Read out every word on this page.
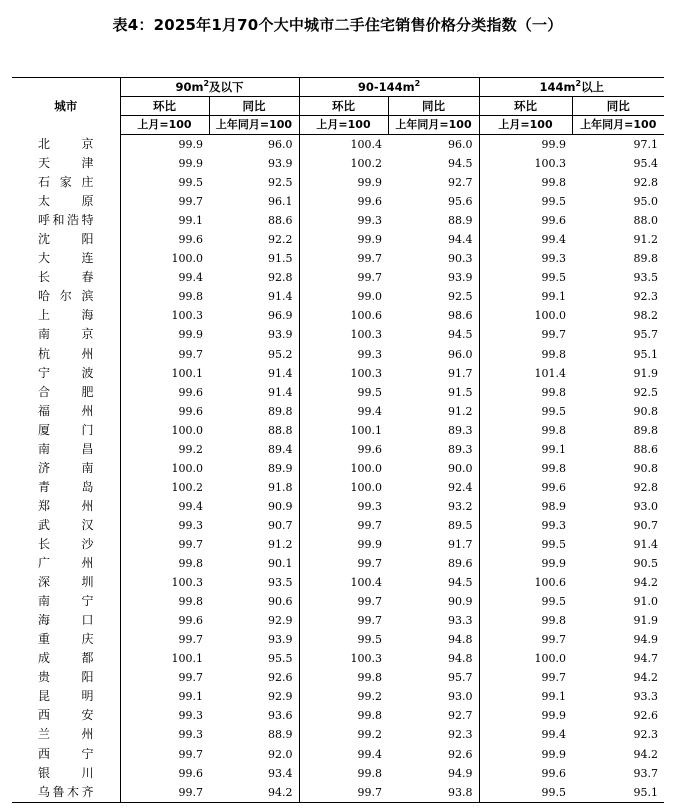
表4：2025年1月70个大中城市二手住宅销售价格分类指数（一）
城市	$90m^2$及以下		$90-144m^2$		$144m^2$以上	
	环比	同比	环比	同比	环比	同比
	上月=100	上年同月=100	上月=100	上年同月=100	上月=100	上年同月=100
北京	99.9	96.0	100.4	96.0	99.9	97.1
天津	99.9	93.9	100.2	94.5	100.3	95.4
石家庄	99.5	92.5	99.9	92.7	99.8	92.8
太原	99.7	96.1	99.6	95.6	99.5	95.0
呼和浩特	99.1	88.6	99.3	88.9	99.6	88.0
沈阳	99.6	92.2	99.9	94.4	99.4	91.2
大连	100.0	91.5	99.7	90.3	99.3	89.8
长春	99.4	92.8	99.7	93.9	99.5	93.5
哈尔滨	99.8	91.4	99.0	92.5	99.1	92.3
上海	100.3	96.9	100.6	98.6	100.0	98.2
南京	99.9	93.9	100.3	94.5	99.7	95.7
杭州	99.7	95.2	99.3	96.0	99.8	95.1
宁波	100.1	91.4	100.3	91.7	101.4	91.9
合肥	99.6	91.4	99.5	91.5	99.8	92.5
福州	99.6	89.8	99.4	91.2	99.5	90.8
厦门	100.0	88.8	100.1	89.3	99.8	89.8
南昌	99.2	89.4	99.6	89.3	99.1	88.6
济南	100.0	89.9	100.0	90.0	99.8	90.8
青岛	100.2	91.8	100.0	92.4	99.6	92.8
郑州	99.4	90.9	99.3	93.2	98.9	93.0
武汉	99.3	90.7	99.7	89.5	99.3	90.7
长沙	99.7	91.2	99.9	91.7	99.5	91.4
广州	99.8	90.1	99.7	89.6	99.9	90.5
深圳	100.3	93.5	100.4	94.5	100.6	94.2
南宁	99.8	90.6	99.7	90.9	99.5	91.0
海口	99.6	92.9	99.7	93.3	99.8	91.9
重庆	99.7	93.9	99.5	94.8	99.7	94.9
成都	100.1	95.5	100.3	94.8	100.0	94.7
贵阳	99.7	92.6	99.8	95.7	99.7	94.2
昆明	99.1	92.9	99.2	93.0	99.1	93.3
西安	99.3	93.6	99.8	92.7	99.9	92.6
兰州	99.3	88.9	99.2	92.3	99.4	92.3
西宁	99.7	92.0	99.4	92.6	99.9	94.2
银川	99.6	93.4	99.8	94.9	99.6	93.7
乌鲁木齐	99.7	94.2	99.7	93.8	99.5	95.1
